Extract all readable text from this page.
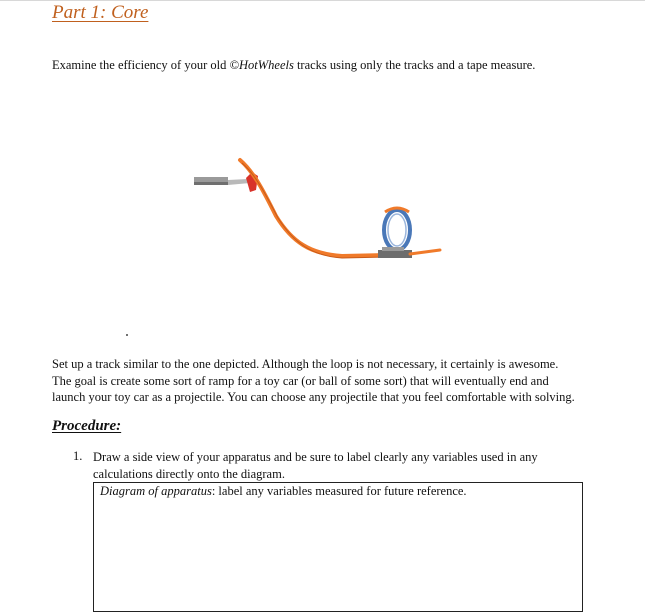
Part 1: Core

Examine the efficiency of your old ©HotWheels tracks using only the tracks and a tape measure.

Set up a track similar to the one depicted. Although the loop is not necessary, it certainly is awesome.
The goal is create some sort of ramp for a toy car (or ball of some sort) that will eventually end and
launch your toy car as a projectile. You can choose any projectile that you feel comfortable with solving.

Procedure:
1. Draw a side view of your apparatus and be sure to label clearly any variables used in any
calculations directly onto the diagram.
Diagram of apparatus: label any variables measured for future reference.
